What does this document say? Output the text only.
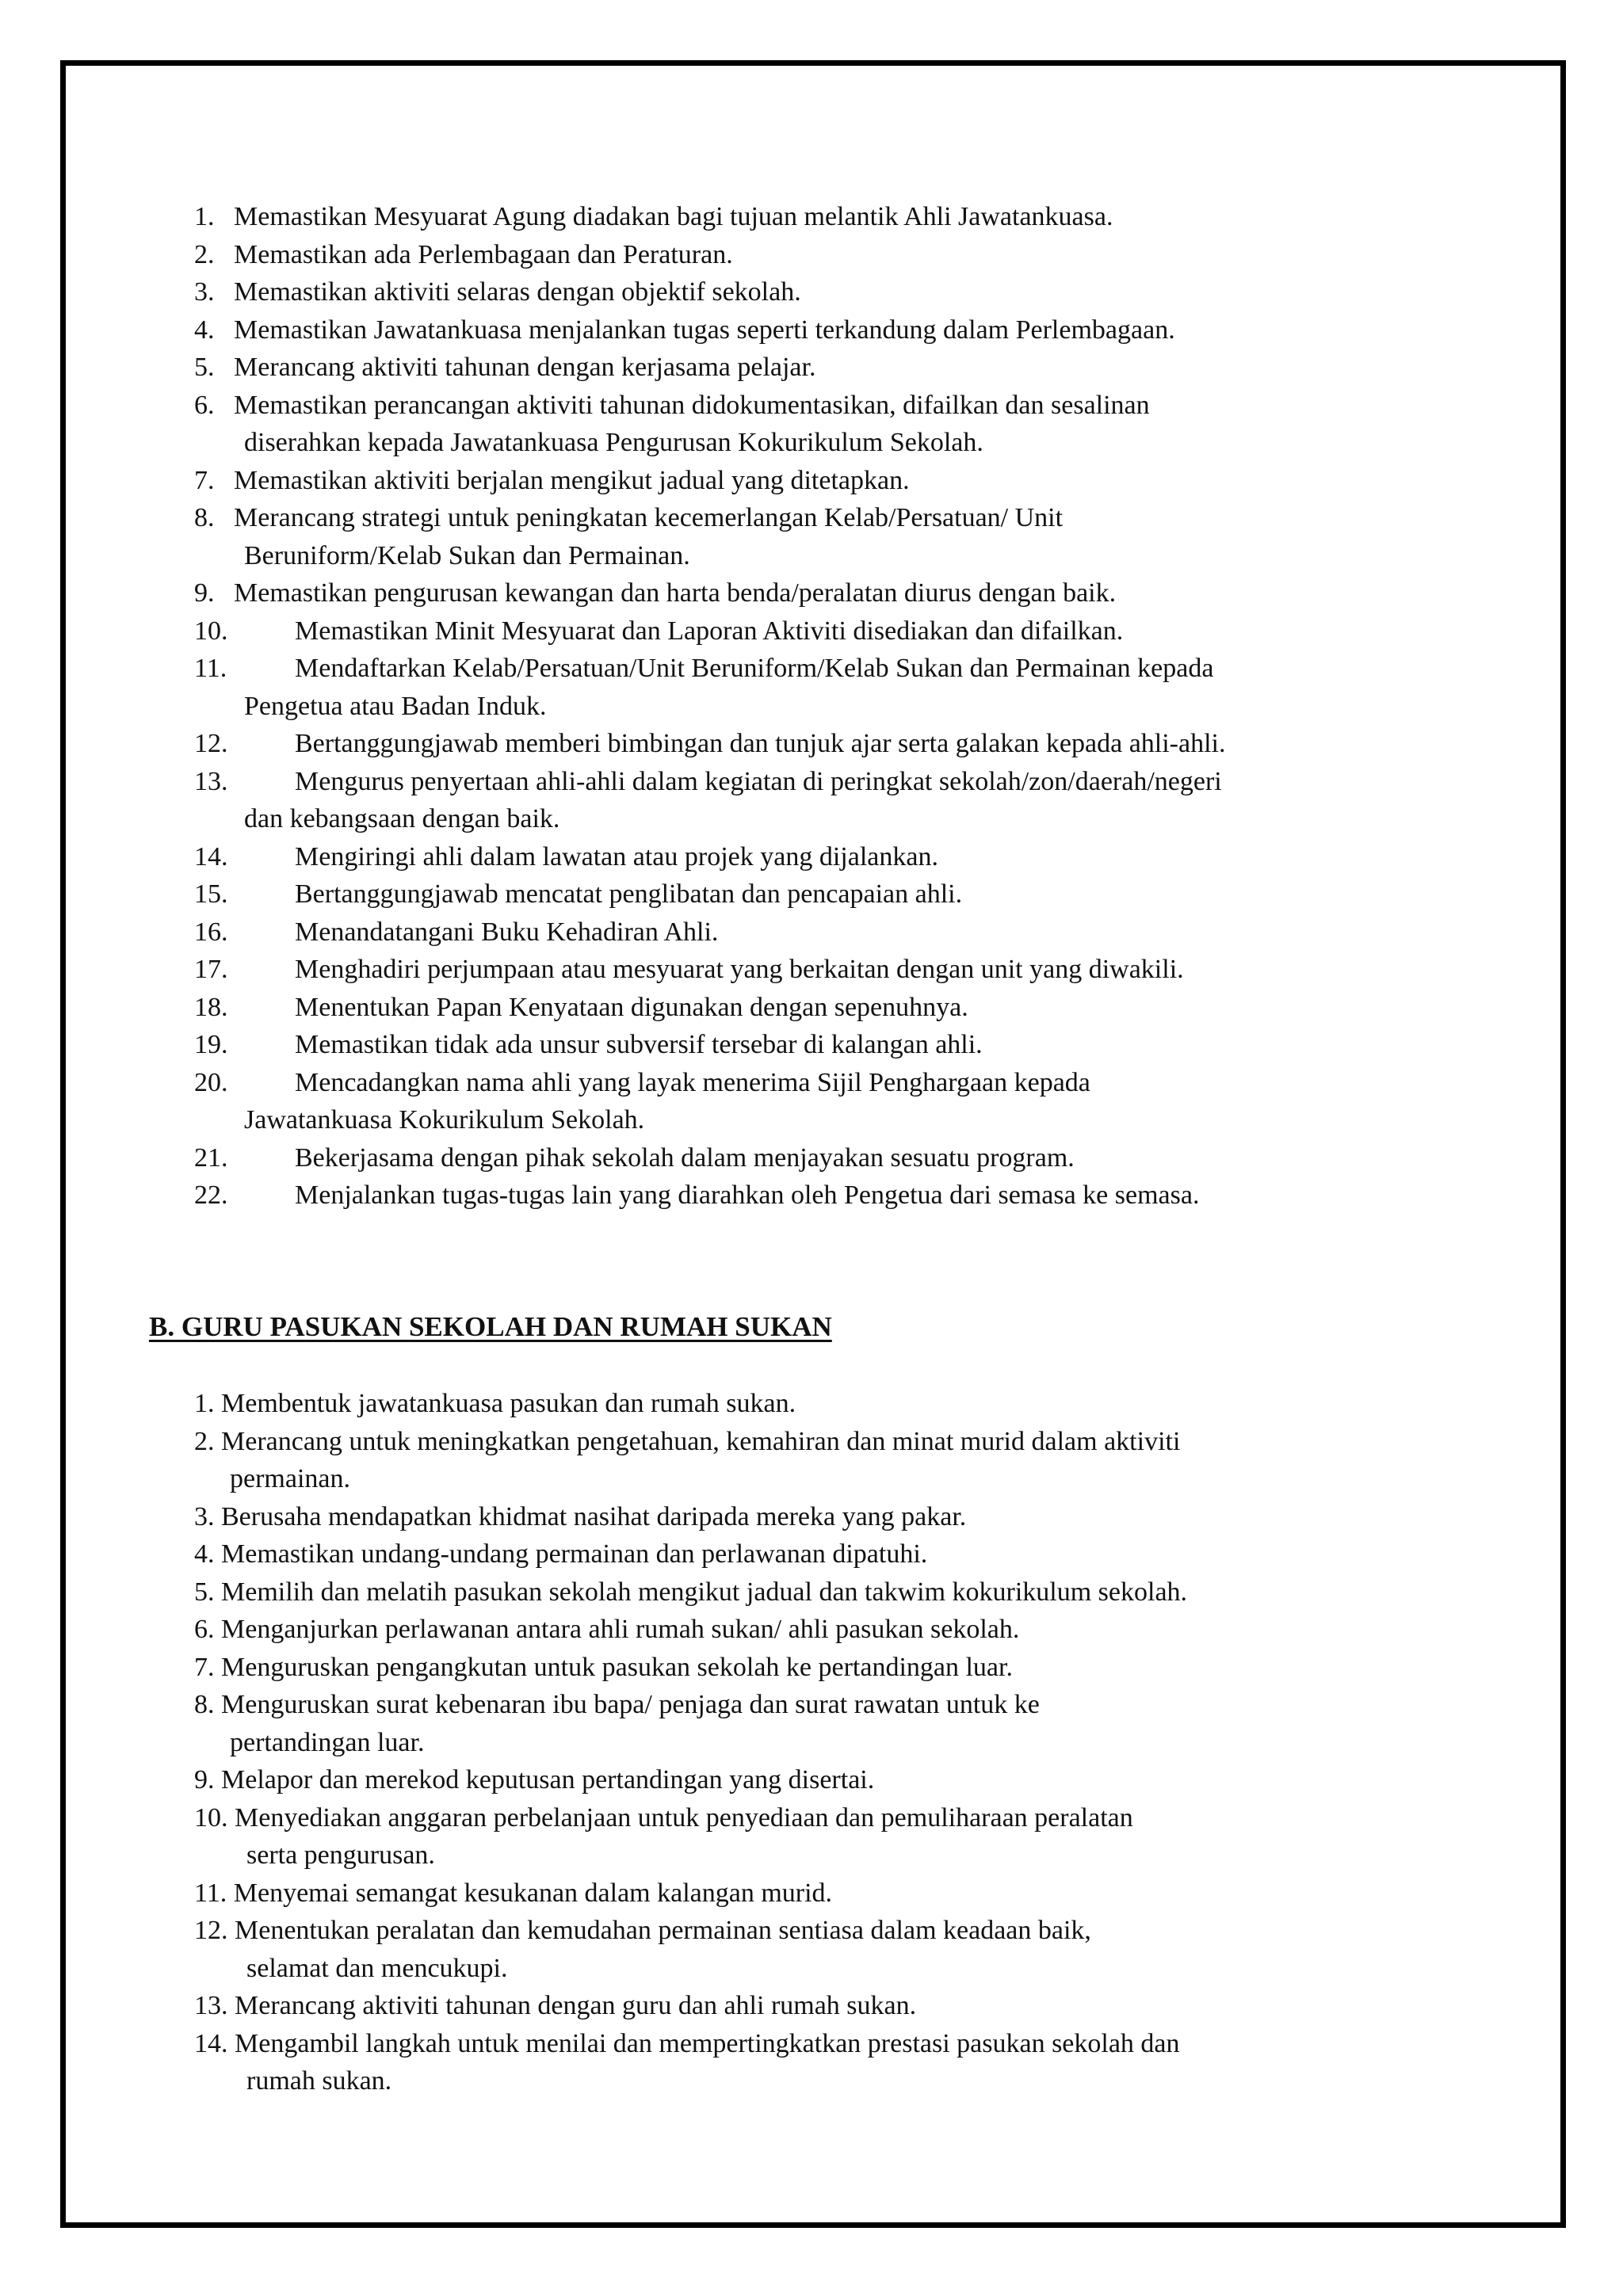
1. Memastikan Mesyuarat Agung diadakan bagi tujuan melantik Ahli Jawatankuasa.
2. Memastikan ada Perlembagaan dan Peraturan.
3. Memastikan aktiviti selaras dengan objektif sekolah.
4. Memastikan Jawatankuasa menjalankan tugas seperti terkandung dalam Perlembagaan.
5. Merancang aktiviti tahunan dengan kerjasama pelajar.
6. Memastikan perancangan aktiviti tahunan didokumentasikan, difailkan dan sesalinan
diserahkan kepada Jawatankuasa Pengurusan Kokurikulum Sekolah.
7. Memastikan aktiviti berjalan mengikut jadual yang ditetapkan.
8. Merancang strategi untuk peningkatan kecemerlangan Kelab/Persatuan/ Unit
Beruniform/Kelab Sukan dan Permainan.
9. Memastikan pengurusan kewangan dan harta benda/peralatan diurus dengan baik.
10.	Memastikan Minit Mesyuarat dan Laporan Aktiviti disediakan dan difailkan.
11.	Mendaftarkan Kelab/Persatuan/Unit Beruniform/Kelab Sukan dan Permainan kepada
Pengetua atau Badan Induk.
12.	Bertanggungjawab memberi bimbingan dan tunjuk ajar serta galakan kepada ahli-ahli.
13.	Mengurus penyertaan ahli-ahli dalam kegiatan di peringkat sekolah/zon/daerah/negeri
dan kebangsaan dengan baik.
14.	Mengiringi ahli dalam lawatan atau projek yang dijalankan.
15.	Bertanggungjawab mencatat penglibatan dan pencapaian ahli.
16.	Menandatangani Buku Kehadiran Ahli.
17.	Menghadiri perjumpaan atau mesyuarat yang berkaitan dengan unit yang diwakili.
18.	Menentukan Papan Kenyataan digunakan dengan sepenuhnya.
19.	Memastikan tidak ada unsur subversif tersebar di kalangan ahli.
20.	Mencadangkan nama ahli yang layak menerima Sijil Penghargaan kepada
Jawatankuasa Kokurikulum Sekolah.
21.	Bekerjasama dengan pihak sekolah dalam menjayakan sesuatu program.
22.	Menjalankan tugas-tugas lain yang diarahkan oleh Pengetua dari semasa ke semasa.
B. GURU PASUKAN SEKOLAH DAN RUMAH SUKAN
1. Membentuk jawatankuasa pasukan dan rumah sukan.
2. Merancang untuk meningkatkan pengetahuan, kemahiran dan minat murid dalam aktiviti
permainan.
3. Berusaha mendapatkan khidmat nasihat daripada mereka yang pakar.
4. Memastikan undang-undang permainan dan perlawanan dipatuhi.
5. Memilih dan melatih pasukan sekolah mengikut jadual dan takwim kokurikulum sekolah.
6. Menganjurkan perlawanan antara ahli rumah sukan/ ahli pasukan sekolah.
7. Menguruskan pengangkutan untuk pasukan sekolah ke pertandingan luar.
8. Menguruskan surat kebenaran ibu bapa/ penjaga dan surat rawatan untuk ke
pertandingan luar.
9. Melapor dan merekod keputusan pertandingan yang disertai.
10. Menyediakan anggaran perbelanjaan untuk penyediaan dan pemuliharaan peralatan
serta pengurusan.
11. Menyemai semangat kesukanan dalam kalangan murid.
12. Menentukan peralatan dan kemudahan permainan sentiasa dalam keadaan baik,
selamat dan mencukupi.
13. Merancang aktiviti tahunan dengan guru dan ahli rumah sukan.
14. Mengambil langkah untuk menilai dan mempertingkatkan prestasi pasukan sekolah dan
rumah sukan.
